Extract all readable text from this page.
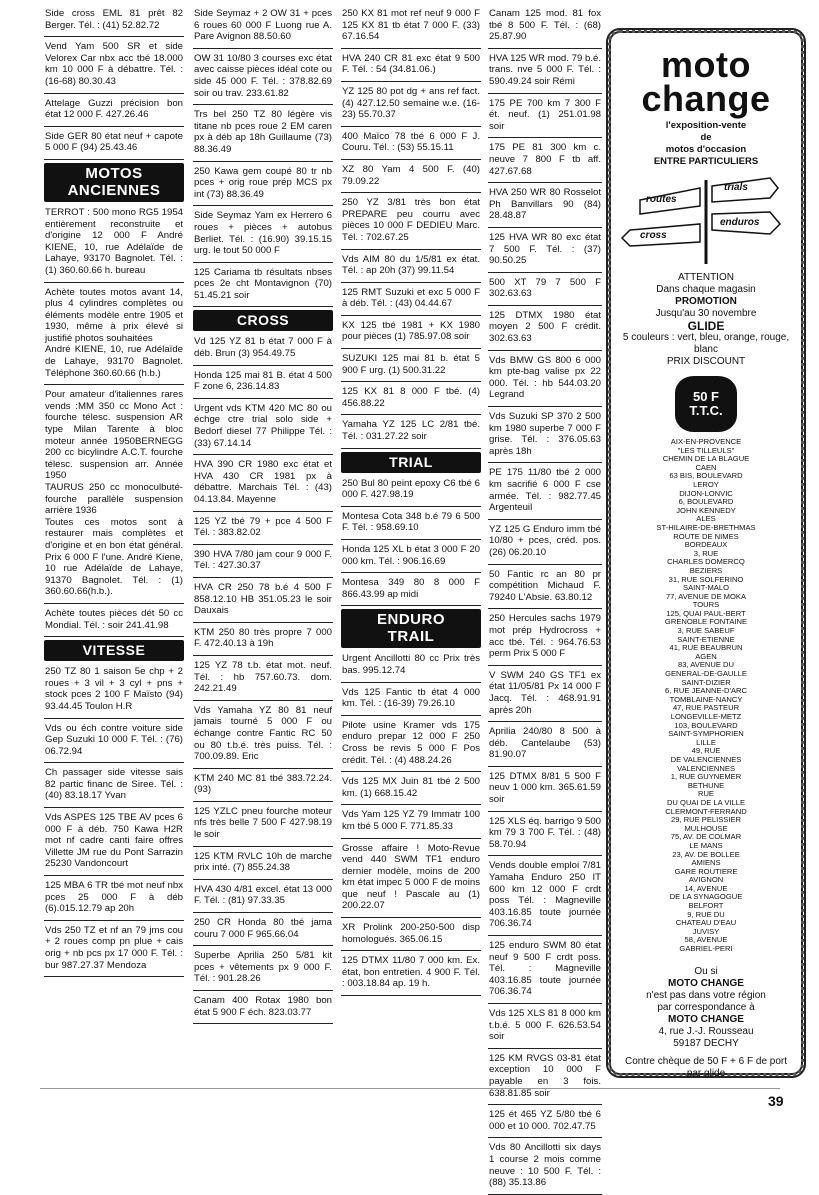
Side cross EML 81 prêt 82 Berger. Tél. : (41) 52.82.72
Vend Yam 500 SR et side Velorex Car nbx acc tbé 18.000 km 10 000 F à débattre. Tél. : (16-68) 80.30.43
Attelage Guzzi précision bon état 12 000 F. 427.26.46
Side GER 80 état neuf + capote 5 000 F (94) 25.43.46
MOTOS
ANCIENNES
TERROT : 500 mono RG5 1954 entièrement reconstruite et d'origine 12 000 F André KIENE, 10, rue Adélaïde de Lahaye, 93170 Bagnolet. Tél. : (1) 360.60.66 h. bureau
Achète toutes motos avant 14, plus 4 cylindres complètes ou éléments modèle entre 1905 et 1930, même à prix élevé si justifié photos souhaitées
André KIENE, 10, rue Adélaïde de Lahaye, 93170 Bagnolet. Téléphone 360.60.66 (h.b.)
Pour amateur d'italiennes rares vends :MM 350 cc Mono Act : fourche télesc. suspension AR type Milan Tarente à bloc moteur année 1950BERNEGG 200 cc bicylindre A.C.T. fourche télesc. suspension arr. Année 1950
TAURUS 250 cc monoculbuté-fourche parallèle suspension arrière 1936
Toutes ces motos sont à restaurer mais complètes et d'origine et en bon état général. Prix 6 000 F l'une. André Kiene, 10 rue Adélaïde de Lahaye, 91370 Bagnolet. Tél. : (1) 360.60.66(h.b.).
Achète toutes pièces dét 50 cc Mondial. Tél. : soir 241.41.98
VITESSE
250 TZ 80 1 saison 5e chp + 2 roues + 3 vil + 3 cyl + pns + stock pces 2 100 F Maïsto (94) 93.44.45 Toulon H.R
Vds ou éch contre voiture side Gep Suzuki 10 000 F. Tél. : (76) 06.72.94
Ch passager side vitesse sais 82 partic financ de Siree. Tél. : (40) 83.18.17 Yvan
Vds ASPES 125 TBE AV pces 6 000 F à déb. 750 Kawa H2R mot nf cadre canti faire offres Villette JM rue du Pont Sarrazin 25230 Vandoncourt
125 MBA 6 TR tbé mot neuf nbx pces 25 000 F à déb (6).015.12.79 ap 20h
Vds 250 TZ et nf an 79 jms cou + 2 roues comp pn plue + cais orig + nb pcs px 17 000 F. Tél. : bur 987.27.37 Mendoza
Side Seymaz + 2 OW 31 + pces 6 roues 60 000 F Luong rue A. Pare Avignon 88.50.60
OW 31 10/80 3 courses exc état avec caisse pièces idéal cote ou side 45 000 F. Tél. : 378.82.69 soir ou trav. 233.61.82
Trs bel 250 TZ 80 légère vis titane nb pces roue 2 EM caren px à déb ap 18h Guillaume (73) 88.36.49
250 Kawa gem coupé 80 tr nb pces + orig roue prép MCS px int (73) 88.36.49
Side Seymaz Yam ex Herrero 6 roues + pièces + autobus Berliet. Tél. : (16.90) 39.15.15 urg. le tout 50 000 F
125 Cariama tb résultats nbses pces 2e cht Montavignon (70) 51.45.21 soir
CROSS
Vd 125 YZ 81 b état 7 000 F à déb. Brun (3) 954.49.75
Honda 125 mai 81 B. état 4 500 F zone 6, 236.14.83
Urgent vds KTM 420 MC 80 ou échge ctre trial solo side + Bedorf diesel 77 Philippe Tél. : (33) 67.14.14
HVA 390 CR 1980 exc état et HVA 430 CR 1981 px à débattre. Marchais Tél. : (43) 04.13.84. Mayenne
125 YZ tbé 79 + pce 4 500 F Tél. : 383.82.02
390 HVA 7/80 jam cour 9 000 F. Tél. : 427.30.37
HVA CR 250 78 b.é 4 500 F 858.12.10 HB 351.05.23 le soir Dauxais
KTM 250 80 très propre 7 000 F. 472.40.13 à 19h
125 YZ 78 t.b. état mot. neuf. Tél. : hb 757.60.73. dom. 242.21.49
Vds Yamaha YZ 80 81 neuf jamais tourné 5 000 F ou échange contre Fantic RC 50 ou 80 t.b.é. très puiss. Tél. : 700.09.89. Eric
KTM 240 MC 81 tbé 383.72.24. (93)
125 YZLC pneu fourche moteur nfs très belle 7 500 F 427.98.19 le soir
125 KTM RVLC 10h de marche prix inté. (7) 855.24.38
HVA 430 4/81 excel. état 13 000 F. Tél. : (81) 97.33.35
250 CR Honda 80 tbé jama couru 7 000 F 965.66.04
Superbe Aprilia 250 5/81 kit pces + vêtements px 9 000 F. Tél. : 901.28.26
Canam 400 Rotax 1980 bon état 5 900 F éch. 823.03.77
250 KX 81 mot ref neuf 9 000 F 125 KX 81 tb état 7 000 F. (33) 67.16.54
HVA 240 CR 81 exc état 9 500 F. Tél. : 54 (34.81.06.)
YZ 125 80 pot dg + ans ref fact. (4) 427.12.50 semaine w.e. (16-23) 55.70.37
400 Maïco 78 tbé 6 000 F J. Couru. Tél. : (53) 55.15.11
XZ 80 Yam 4 500 F. (40) 79.09.22
250 YZ 3/81 très bon état PREPARE peu courru avec pièces 10 000 F DEDIEU Marc. Tél. : 702.67.25
Vds AIM 80 du 1/5/81 ex état. Tél. : ap 20h (37) 99.11.54
125 RMT Suzuki et exc 5 000 F à déb. Tél. : (43) 04.44.67
KX 125 tbé 1981 + KX 1980 pour pièces (1) 785.97.08 soir
SUZUKI 125 mai 81 b. état 5 900 F urg. (1) 500.31.22
125 KX 81 8 000 F tbé. (4) 456.88.22
Yamaha YZ 125 LC 2/81 tbé. Tél. : 031.27.22 soir
TRIAL
250 Bul 80 peint epoxy C6 tbé 6 000 F. 427.98.19
Montesa Cota 348 b.é 79 6 500 F. Tél. : 958.69.10
Honda 125 XL b état 3 000 F 20 000 km. Tél. : 906.16.69
Montesa 349 80 8 000 F 866.43.99 ap midi
ENDURO
TRAIL
Urgent Ancillotti 80 cc Prix très bas. 995.12.74
Vds 125 Fantic tb état 4 000 km. Tél. : (16-39) 79.26.10
Pilote usine Kramer vds 175 enduro prepar 12 000 F 250 Cross be revis 5 000 F Pos crédit. Tél. : (4) 488.24.26
Vds 125 MX Juin 81 tbé 2 500 km. (1) 668.15.42
Vds Yam 125 YZ 79 Immatr 100 km tbé 5 000 F. 771.85.33
Grosse affaire ! Moto-Revue vend 440 SWM TF1 enduro dernier modèle, moins de 200 km état impec 5 000 F de moins que neuf ! Pascale au (1) 200.22.07
XR Prolink 200-250-500 disp homologués. 365.06.15
125 DTMX 11/80 7 000 km. Ex. état, bon entretien. 4 900 F. Tél. : 003.18.84 ap. 19 h.
Canam 125 mod. 81 fox tbé 8 500 F. Tél. : (68) 25.87.90
HVA 125 WR mod. 79 b.é. trans. nve 5 000 F. Tél. : 590.49.24 soir Rémi
175 PE 700 km 7 300 F ét. neuf. (1) 251.01.98 soir
175 PE 81 300 km c. neuve 7 800 F tb aff. 427.67.68
HVA 250 WR 80 Rosselot Ph Banvillars 90 (84) 28.48.87
125 HVA WR 80 exc état 7 500 F. Tél. : (37) 90.50.25
500 XT 79 7 500 F 302.63.63
125 DTMX 1980 état moyen 2 500 F crédit. 302.63.63
Vds BMW GS 800 6 000 km pte-bag valise px 22 000. Tél. : hb 544.03.20 Legrand
Vds Suzuki SP 370 2 500 km 1980 superbe 7 000 F grise. Tél. : 376.05.63 après 18h
PE 175 11/80 tbé 2 000 km sacrifié 6 000 F cse armée. Tél. : 982.77.45 Argenteuil
YZ 125 G Enduro imm tbé 10/80 + pces, créd. pos. (26) 06.20.10
50 Fantic rc an 80 pr compétition Michaud F. 79240 L'Absie. 63.80.12
250 Hercules sachs 1979 mot prép Hydrocross + acc tbé. Tél. : 964.76.53 perm Prix 5 000 F
V SWM 240 GS TF1 ex état 11/05/81 Px 14 000 F Jacq. Tél. : 468.91.91 après 20h
Aprilia 240/80 8 500 à déb. Cantelaube (53) 81.90.07
125 DTMX 8/81 5 500 F neuv 1 000 km. 365.61.59 soir
125 XLS éq. barrigo 9 500 km 79 3 700 F. Tél. : (48) 58.70.94
Vends double emploi 7/81 Yamaha Enduro 250 IT 600 km 12 000 F crdt poss Tél. : Magneville 403.16.85 toute journée 706.36.74
125 enduro SWM 80 état neuf 9 500 F crdt poss. Tél. : Magneville 403.16.85 toute journée 706.36.74
Vds 125 XLS 81 8 000 km t.b.é. 5 000 F. 626.53.54 soir
125 KM RVGS 03-81 état exception 10 000 F payable en 3 fois. 638.81.85 soir
125 ét 465 YZ 5/80 tbé 6 000 et 10 000. 702.47.75
Vds 80 Ancillotti six days 1 course 2 mois comme neuve : 10 500 F. Tél. : (88) 35.13.86
moto
change
l'exposition-vente
de
motos d'occasion
ENTRE PARTICULIERS
routes
trials
enduros
cross
ATTENTION
Dans chaque magasin
PROMOTION
Jusqu'au 30 novembre
GLIDE
5 couleurs : vert, bleu, orange, rouge, blanc
PRIX DISCOUNT
50 F
T.T.C.
AIX-EN-PROVENCE
"LES TILLEULS"
CHEMIN DE LA BLAGUE
CAEN
63 BIS, BOULEVARD
LEROY
DIJON-LONVIC
6, BOULEVARD
JOHN KENNEDY
ALES
ST-HILAIRE-DE-BRETHMAS
ROUTE DE NIMES
BORDEAUX
3, RUE
CHARLES DOMERCQ
BEZIERS
31, RUE SOLFERINO
SAINT-MALO
77, AVENUE DE MOKA
TOURS
125, QUAI PAUL-BERT
GRENOBLE FONTAINE
3, RUE SABEUF
SAINT-ETIENNE
41, RUE BEAUBRUN
AGEN
83, AVENUE DU
GENERAL-DE-GAULLE
SAINT-DIZIER
6, RUE JEANNE-D'ARC
TOMBLAINE-NANCY
47, RUE PASTEUR
LONGEVILLE-METZ
103, BOULEVARD
SAINT-SYMPHORIEN
LILLE
49, RUE
DE VALENCIENNES
VALENCIENNES
1, RUE GUYNEMER
BETHUNE
RUE
DU QUAI DE LA VILLE
CLERMONT-FERRAND
29, RUE PELISSIER
MULHOUSE
75, AV. DE COLMAR
LE MANS
23, AV. DE BOLLEE
AMIENS
GARE ROUTIERE
AVIGNON
14, AVENUE
DE LA SYNAGOGUE
BELFORT
9, RUE DU
CHATEAU D'EAU
JUVISY
58, AVENUE
GABRIEL-PERI
Ou si
MOTO CHANGE
n'est pas dans votre région
par correspondance à
MOTO CHANGE
4, rue J.-J. Rousseau
59187 DECHY
Contre chèque de 50 F + 6 F de port par glide
39
